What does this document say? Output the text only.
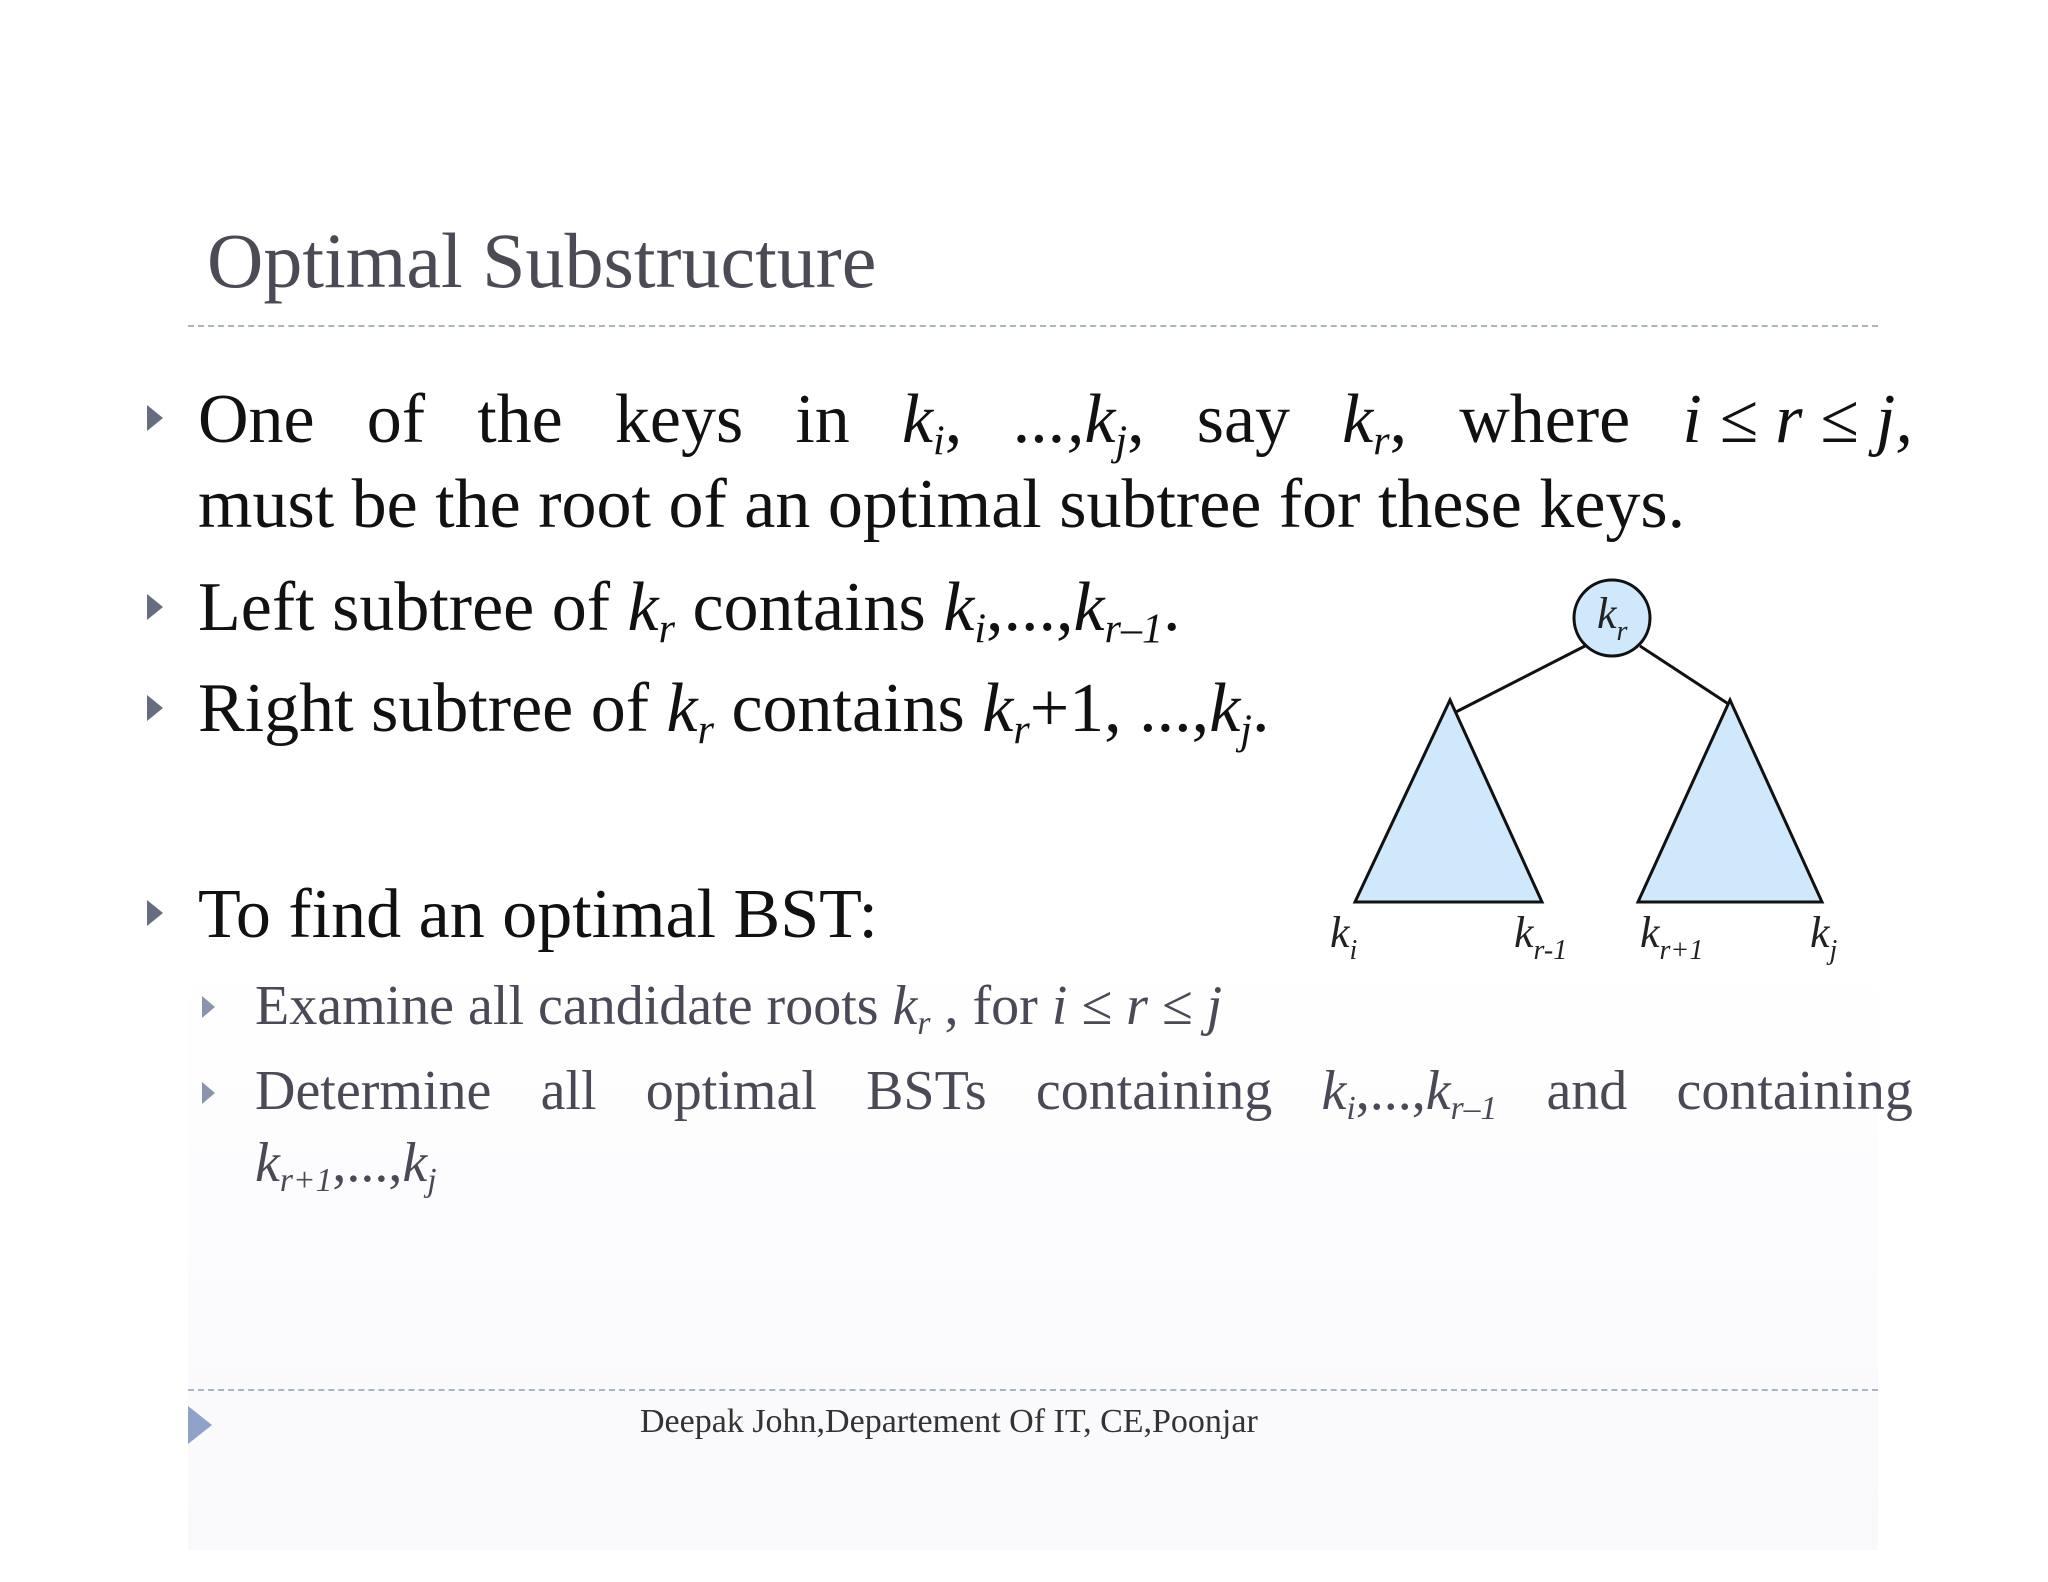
Optimal Substructure
One of the keys in $k_i$, $...,k_j$, say $k_r$, where i ≤ r ≤ j,
must be the root of an optimal subtree for these keys.
Left subtree of $k_r$ contains $k_i,...,k_{r-1}$.
Right subtree of $k_r$ contains $k_r+1$, $...,k_j$.
To find an optimal BST:
Examine all candidate roots $k_r$ , for i ≤ r ≤ j
Determine all optimal BSTs containing $k_i,...,k_{r-1}$ and containing
$k_{r+1},...,k_j$
$k_r$
$k_i$	$k_{r-1}$ $k_{r+1}$ $k_j$
Deepak John,Departement Of IT, CE,Poonjar
